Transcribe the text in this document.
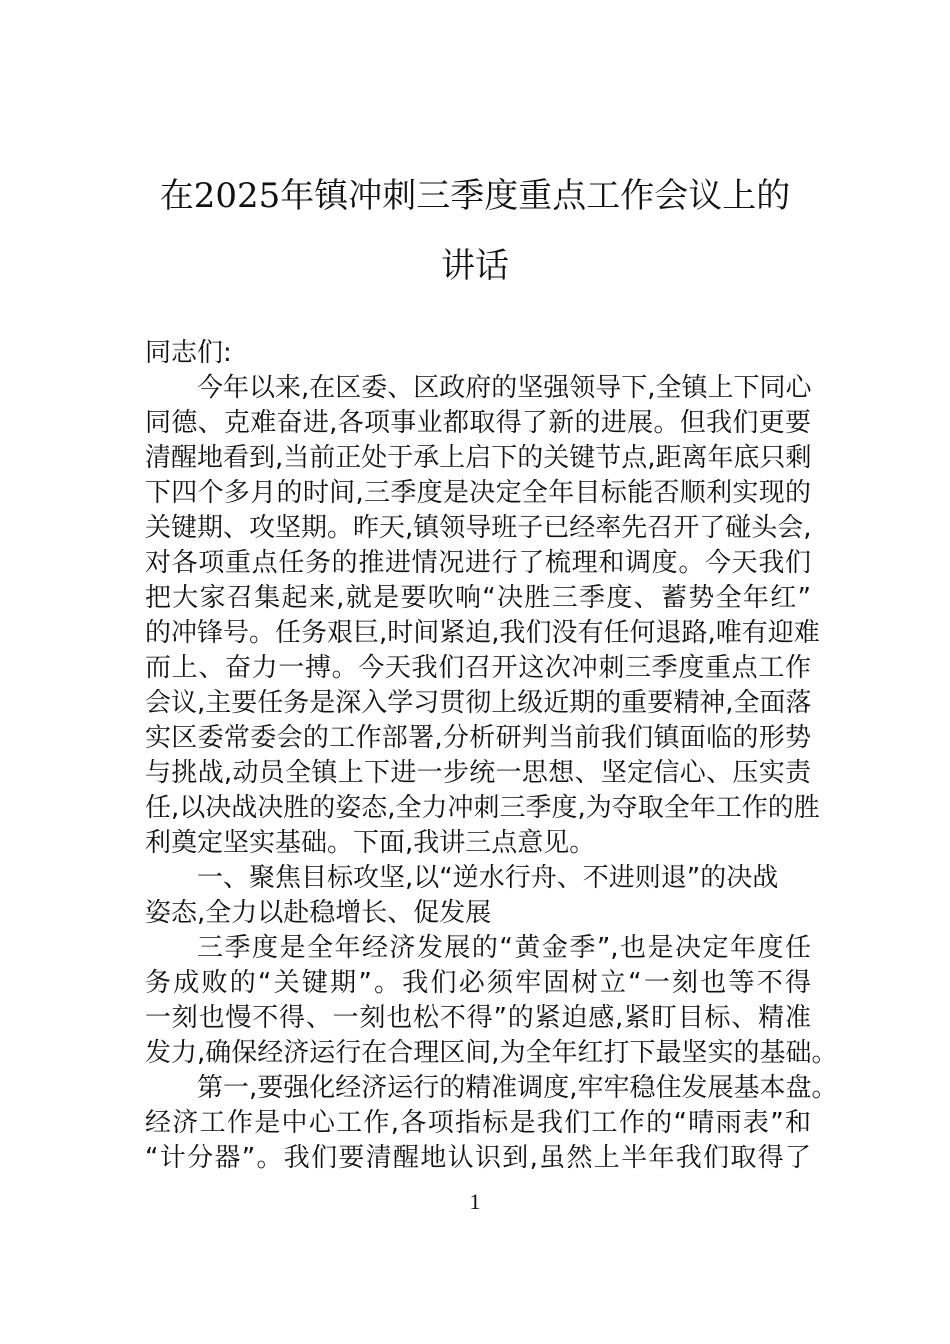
在2025年镇冲刺三季度重点工作会议上的
讲话
同志们:
今年以来,在区委、区政府的坚强领导下,全镇上下同心
同德、克难奋进,各项事业都取得了新的进展。但我们更要
清醒地看到,当前正处于承上启下的关键节点,距离年底只剩
下四个多月的时间,三季度是决定全年目标能否顺利实现的
关键期、攻坚期。昨天,镇领导班子已经率先召开了碰头会,
对各项重点任务的推进情况进行了梳理和调度。今天我们
把大家召集起来,就是要吹响“决胜三季度、蓄势全年红”
的冲锋号。任务艰巨,时间紧迫,我们没有任何退路,唯有迎难
而上、奋力一搏。今天我们召开这次冲刺三季度重点工作
会议,主要任务是深入学习贯彻上级近期的重要精神,全面落
实区委常委会的工作部署,分析研判当前我们镇面临的形势
与挑战,动员全镇上下进一步统一思想、坚定信心、压实责
任,以决战决胜的姿态,全力冲刺三季度,为夺取全年工作的胜
利奠定坚实基础。下面,我讲三点意见。
一、聚焦目标攻坚,以“逆水行舟、不进则退”的决战
姿态,全力以赴稳增长、促发展
三季度是全年经济发展的“黄金季”,也是决定年度任
务成败的“关键期”。我们必须牢固树立“一刻也等不得
一刻也慢不得、一刻也松不得”的紧迫感,紧盯目标、精准
发力,确保经济运行在合理区间,为全年红打下最坚实的基础。
第一,要强化经济运行的精准调度,牢牢稳住发展基本盘。
经济工作是中心工作,各项指标是我们工作的“晴雨表”和
“计分器”。我们要清醒地认识到,虽然上半年我们取得了
1
